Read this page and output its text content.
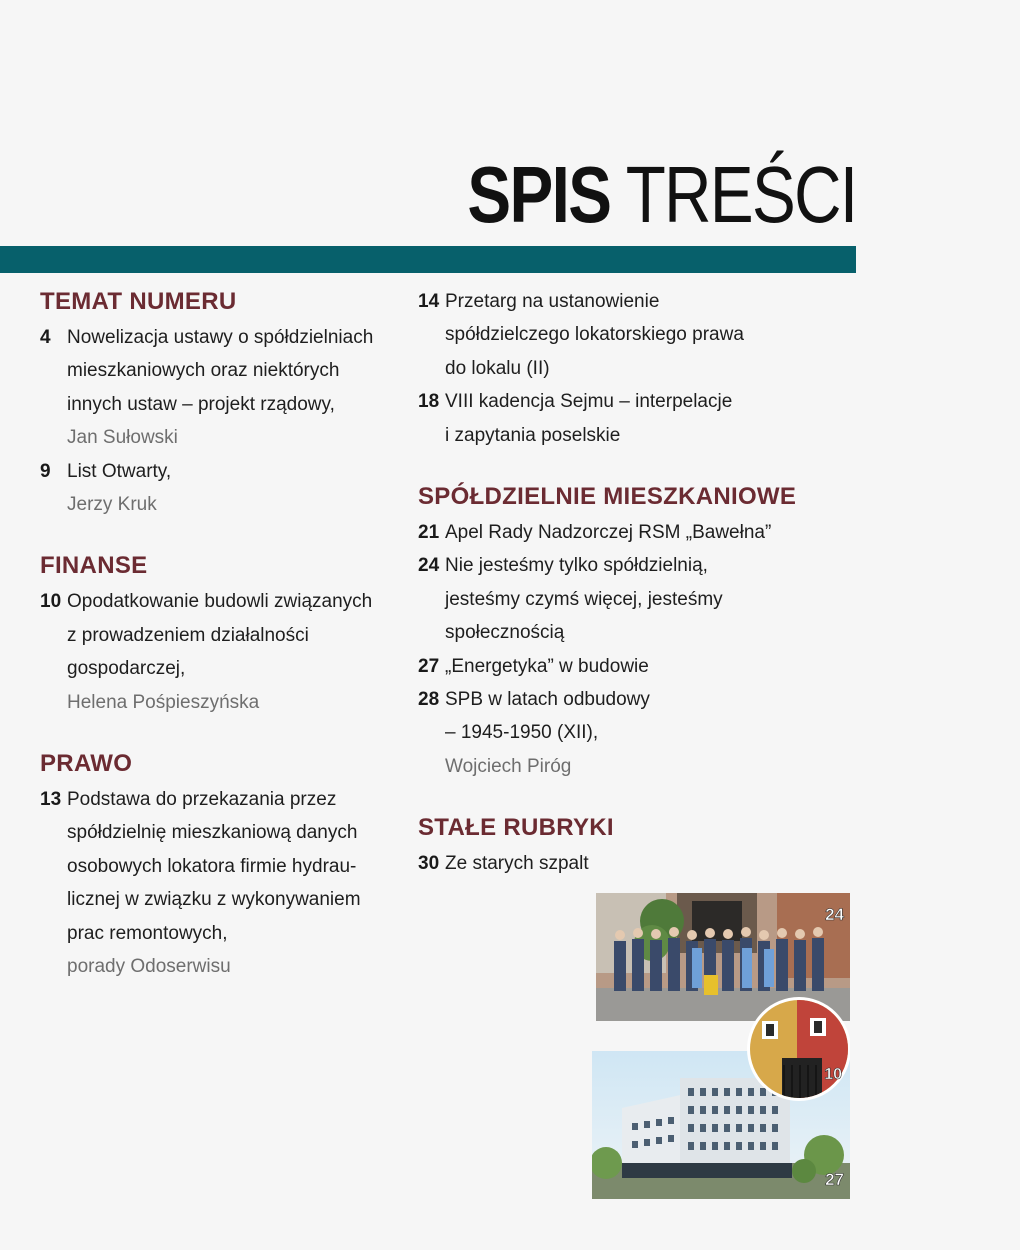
SPIS TREŚCI
TEMAT NUMERU
4 Nowelizacja ustawy o spółdzielniach
mieszkaniowych oraz niektórych
innych ustaw – projekt rządowy,
Jan Sułowski
9 List Otwarty,
Jerzy Kruk
FINANSE
10 Opodatkowanie budowli związanych
z prowadzeniem działalności
gospodarczej,
Helena Pośpieszyńska
PRAWO
13 Podstawa do przekazania przez
spółdzielnię mieszkaniową danych
osobowych lokatora firmie hydrau-
licznej w związku z wykonywaniem
prac remontowych,
porady Odoserwisu
14 Przetarg na ustanowienie
spółdzielczego lokatorskiego prawa
do lokalu (II)
18 VIII kadencja Sejmu – interpelacje
i zapytania poselskie
SPÓŁDZIELNIE MIESZKANIOWE
21 Apel Rady Nadzorczej RSM „Bawełna”
24 Nie jesteśmy tylko spółdzielnią,
jesteśmy czymś więcej, jesteśmy
społecznością
27 „Energetyka” w budowie
28 SPB w latach odbudowy
– 1945-1950 (XII),
Wojciech Piróg
STAŁE RUBRYKI
30 Ze starych szpalt
24
27
10
